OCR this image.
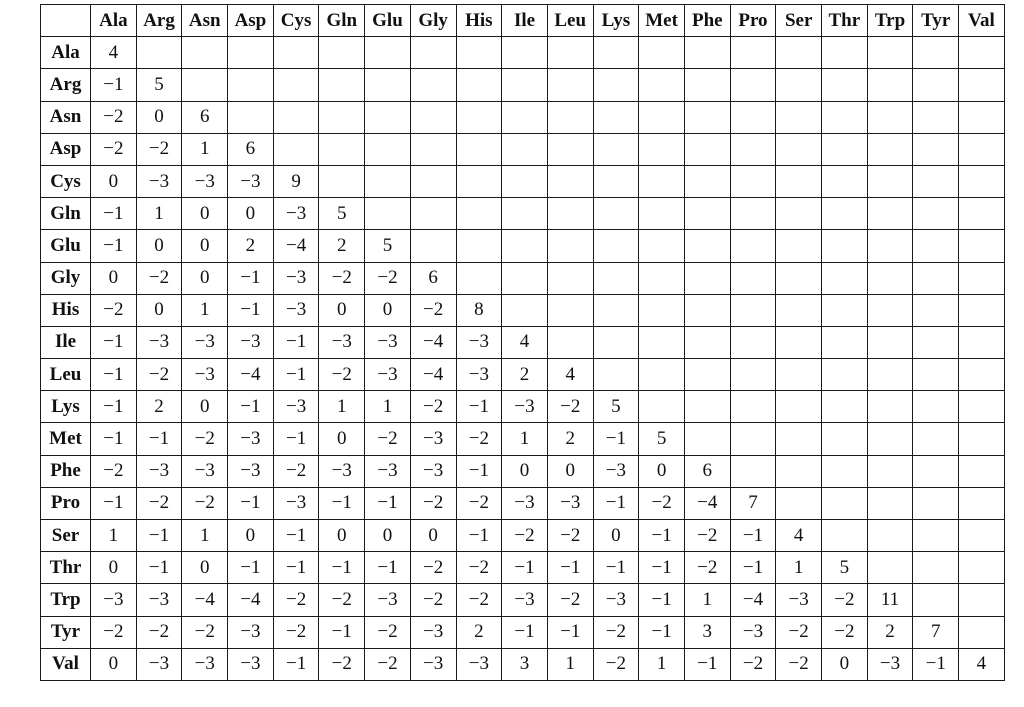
	Ala	Arg	Asn	Asp	Cys	Gln	Glu	Gly	His	Ile	Leu	Lys	Met	Phe	Pro	Ser	Thr	Trp	Tyr	Val
Ala	4																			
Arg	−1	5																		
Asn	−2	0	6																	
Asp	−2	−2	1	6																
Cys	0	−3	−3	−3	9															
Gln	−1	1	0	0	−3	5														
Glu	−1	0	0	2	−4	2	5													
Gly	0	−2	0	−1	−3	−2	−2	6												
His	−2	0	1	−1	−3	0	0	−2	8											
Ile	−1	−3	−3	−3	−1	−3	−3	−4	−3	4										
Leu	−1	−2	−3	−4	−1	−2	−3	−4	−3	2	4									
Lys	−1	2	0	−1	−3	1	1	−2	−1	−3	−2	5								
Met	−1	−1	−2	−3	−1	0	−2	−3	−2	1	2	−1	5							
Phe	−2	−3	−3	−3	−2	−3	−3	−3	−1	0	0	−3	0	6						
Pro	−1	−2	−2	−1	−3	−1	−1	−2	−2	−3	−3	−1	−2	−4	7					
Ser	1	−1	1	0	−1	0	0	0	−1	−2	−2	0	−1	−2	−1	4				
Thr	0	−1	0	−1	−1	−1	−1	−2	−2	−1	−1	−1	−1	−2	−1	1	5			
Trp	−3	−3	−4	−4	−2	−2	−3	−2	−2	−3	−2	−3	−1	1	−4	−3	−2	11		
Tyr	−2	−2	−2	−3	−2	−1	−2	−3	2	−1	−1	−2	−1	3	−3	−2	−2	2	7	
Val	0	−3	−3	−3	−1	−2	−2	−3	−3	3	1	−2	1	−1	−2	−2	0	−3	−1	4
